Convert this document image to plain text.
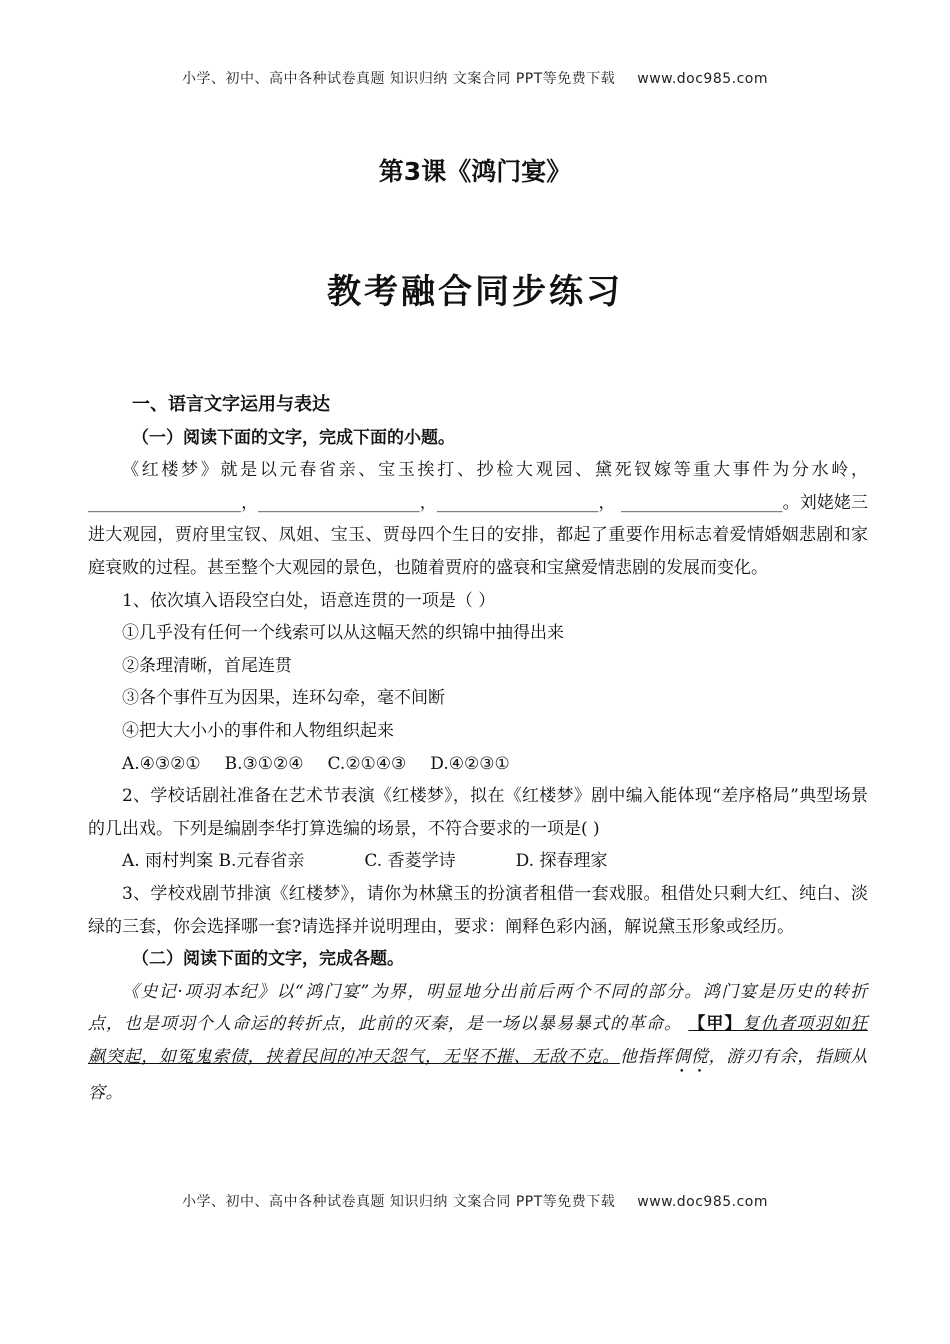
小学、初中、高中各种试卷真题 知识归纳 文案合同 PPT等免费下载 www.doc985.com
第3课《鸿门宴》
教考融合同步练习

一、语言文字运用与表达

（一）阅读下面的文字，完成下面的小题。

《红楼梦》就是以元春省亲、宝玉挨打、抄检大观园、黛死钗嫁等重大事件为分水岭，__________________，___________________，___________________， ___________________。刘姥姥三进大观园，贾府里宝钗、凤姐、宝玉、贾母四个生日的安排，都起了重要作用标志着爱情婚姻悲剧和家庭衰败的过程。甚至整个大观园的景色，也随着贾府的盛衰和宝黛爱情悲剧的发展而变化。

1、依次填入语段空白处，语意连贯的一项是（ ）

①几乎没有任何一个线索可以从这幅天然的织锦中抽得出来

②条理清晰，首尾连贯

③各个事件互为因果，连环勾牵，毫不间断

④把大大小小的事件和人物组织起来

A.④③②① B.③①②④ C.②①④③ D.④②③①

2、学校话剧社准备在艺术节表演《红楼梦》，拟在《红楼梦》剧中编入能体现“差序格局”典型场景的几出戏。下列是编剧李华打算选编的场景，不符合要求的一项是( )

A. 雨村判案 B.元春省亲	C. 香菱学诗	D. 探春理家

3、学校戏剧节排演《红楼梦》，请你为林黛玉的扮演者租借一套戏服。租借处只剩大红、纯白、淡绿的三套，你会选择哪一套?请选择并说明理由，要求：阐释色彩内涵，解说黛玉形象或经历。

（二）阅读下面的文字，完成各题。

《史记·项羽本纪》以“鸿门宴”为界，明显地分出前后两个不同的部分。鸿门宴是历史的转折点，也是项羽个人命运的转折点，此前的灭秦，是一场以暴易暴式的革命。 【甲】复仇者项羽如狂飙突起，如冤鬼索债，挟着民间的冲天怨气，无坚不摧、无敌不克。他指挥倜傥，游刃有余，指顾从容。

小学、初中、高中各种试卷真题 知识归纳 文案合同 PPT等免费下载 www.doc985.com
